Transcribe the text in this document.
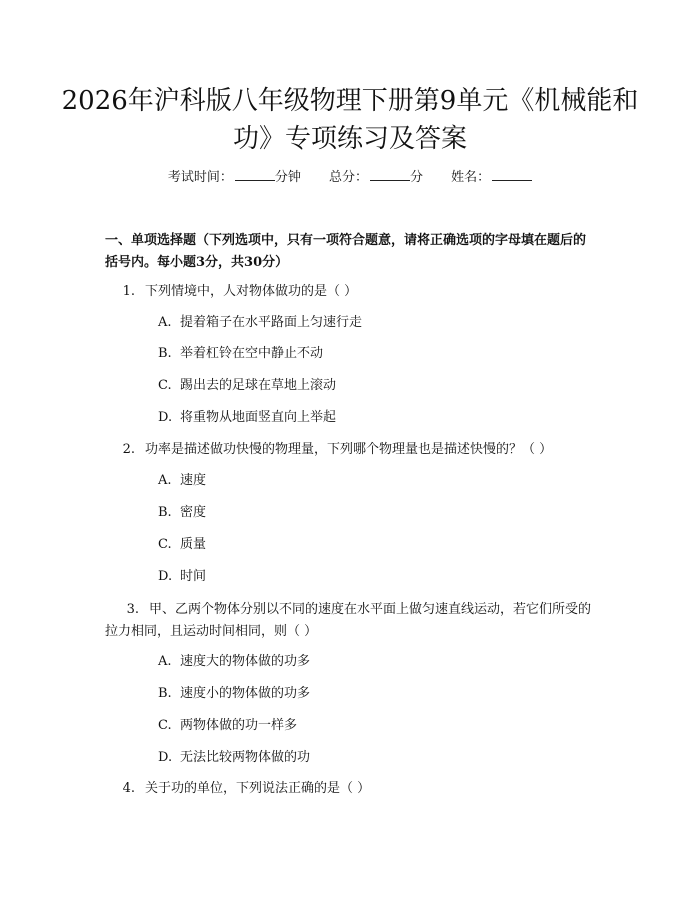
2026年沪科版八年级物理下册第9单元《机械能和功》专项练习及答案
考试时间：	分钟 总分：	分 姓名：
一、单项选择题（下列选项中，只有一项符合题意，请将正确选项的字母填在题后的括号内。每小题3分，共30分）
1. 下列情境中，人对物体做功的是（ ）
A. 提着箱子在水平路面上匀速行走
B. 举着杠铃在空中静止不动
C. 踢出去的足球在草地上滚动
D. 将重物从地面竖直向上举起
2. 功率是描述做功快慢的物理量，下列哪个物理量也是描述快慢的？（ ）
A. 速度
B. 密度
C. 质量
D. 时间
3. 甲、乙两个物体分别以不同的速度在水平面上做匀速直线运动，若它们所受的拉力相同，且运动时间相同，则（ ）
A. 速度大的物体做的功多
B. 速度小的物体做的功多
C. 两物体做的功一样多
D. 无法比较两物体做的功
4. 关于功的单位，下列说法正确的是（ ）
